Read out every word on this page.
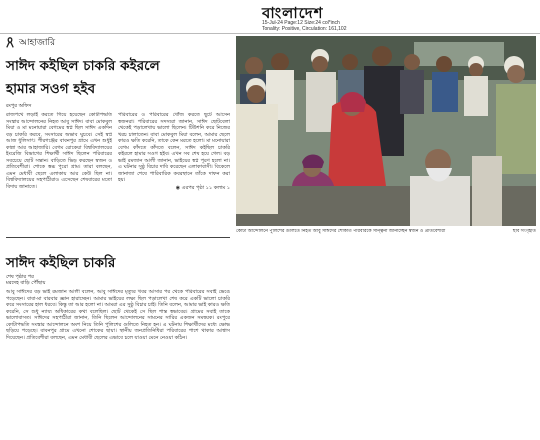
বাংলাদেশ
15-Jul-24 Page:12 Size:24 col*inch
Tonality: Positive, Circulation: 161,102
আহাজারি
সাঈদ কইছিল চাকরি কইরলে
হামার সওগ হইব
রংপুর অফিস

রাজপথে লড়াই করতে গিয়ে হয়েছেন কোটাপদ্ধতি সংস্কার আন্দোলনের নিহত আবু সাঈদ। বাবা মোকবুল মিয়া ও মা মনোয়ারা বেগমের স্বপ্ন ছিল সাঈদ একদিন বড় চাকরি করবে, সংসারের অভাব ঘুচবে। সেই স্বপ্ন আজ ধুলিসাৎ। পীরগঞ্জের বাবনপুর গ্রামে এখন শুধুই কান্না আর আহাজারি। বেগম রোকেয়া বিশ্ববিদ্যালয়ের ইংরেজি বিভাগের শিক্ষার্থী সাঈদ ছিলেন পরিবারের সবচেয়ে ছোট সন্তান। বাড়িতে ভিড় করছেন স্বজন ও প্রতিবেশীরা। শোকে স্তব্ধ পুরো গ্রাম। তারা বলছেন, এমন মেধাবী ছেলে এলাকায় আর কেউ ছিল না। বিশ্ববিদ্যালয়ের সহপাঠীরাও এসেছেন শেষবারের মতো বিদায় জানাতে।

পরিবারের ও পরিবারের খোঁজ করতে ছুটে আসেন স্বজনরা। পরিবারের সদস্যরা জানান, সাঈদ ছোটবেলা থেকেই পড়ালেখায় ভালো ছিলেন। টিউশনি করে নিজের খরচ চালাতেন। বাবা মোকবুল মিয়া বলেন, আমার ছেলে কারও ক্ষতি করেনি, তাকে কেন মরতে হলো। মা মনোয়ারা বেগম কাঁদতে কাঁদতে বলেন, সাঈদ কইছিল চাকরি কইরলে হামার সওগ হইব। এখন সব শেষ হয়ে গেল। বড় ভাই রমজান আলী জানান, ভাইয়ের স্বপ্ন পূরণ হলো না। এ ঘটনার সুষ্ঠু বিচার দাবি করেছেন এলাকাবাসী। বিকেলে জানাজা শেষে পারিবারিক কবরস্থানে তাঁকে দাফন করা হয়।

◉ এরপর পৃষ্ঠা ১১ কলাম ১

কোটা আন্দোলনে পুলিশের গুলিতে নিহত আবু সাঈদের শোকার্ত পরিবারকে সান্ত্বনা জানাচ্ছেন স্বজন ও প্রতিবেশীরা	ছবি সংগৃহীত
সাঈদ কইছিল চাকরি
শেষ পৃষ্ঠার পর
মরদেহ বাড়ি পৌঁছায়

আবু সাঈদের বড় ভাই রমজান আলী বলেন, আবু সাঈদের মৃত্যুর খবর আসার পর থেকে পরিবারের সবাই ভেঙে পড়েছেন। বাবা-মা বারবার জ্ঞান হারাচ্ছেন। আমার ভাইয়ের লক্ষ্য ছিল পড়ালেখা শেষ করে একটি ভালো চাকরি করে সংসারের হাল ধরবে। কিন্তু তা আর হলো না। আমরা এর সুষ্ঠু বিচার চাই। তিনি বলেন, আমার ভাই কারও ক্ষতি করেনি, সে শুধু ন্যায্য অধিকারের কথা বলেছিল। ছোট থেকেই সে ছিল শান্ত স্বভাবের। গ্রামের সবাই তাকে ভালোবাসত। সাঈদের সহপাঠীরা জানান, তিনি ছিলেন আন্দোলনের সামনের সারির একজন সমন্বয়ক। রংপুরে কোটাপদ্ধতি সংস্কার আন্দোলনে অংশ নিয়ে তিনি পুলিশের গুলিতে নিহত হন। এ ঘটনায় শিক্ষার্থীদের মধ্যে ক্ষোভ ছড়িয়ে পড়েছে। বাবনপুর গ্রামে এখনো শোকের ছায়া। স্থানীয় জনপ্রতিনিধিরা পরিবারের পাশে থাকার আশ্বাস দিয়েছেন। প্রতিবেশীরা বলছেন, এমন মেধাবী ছেলের এভাবে চলে যাওয়া মেনে নেওয়া কঠিন।
